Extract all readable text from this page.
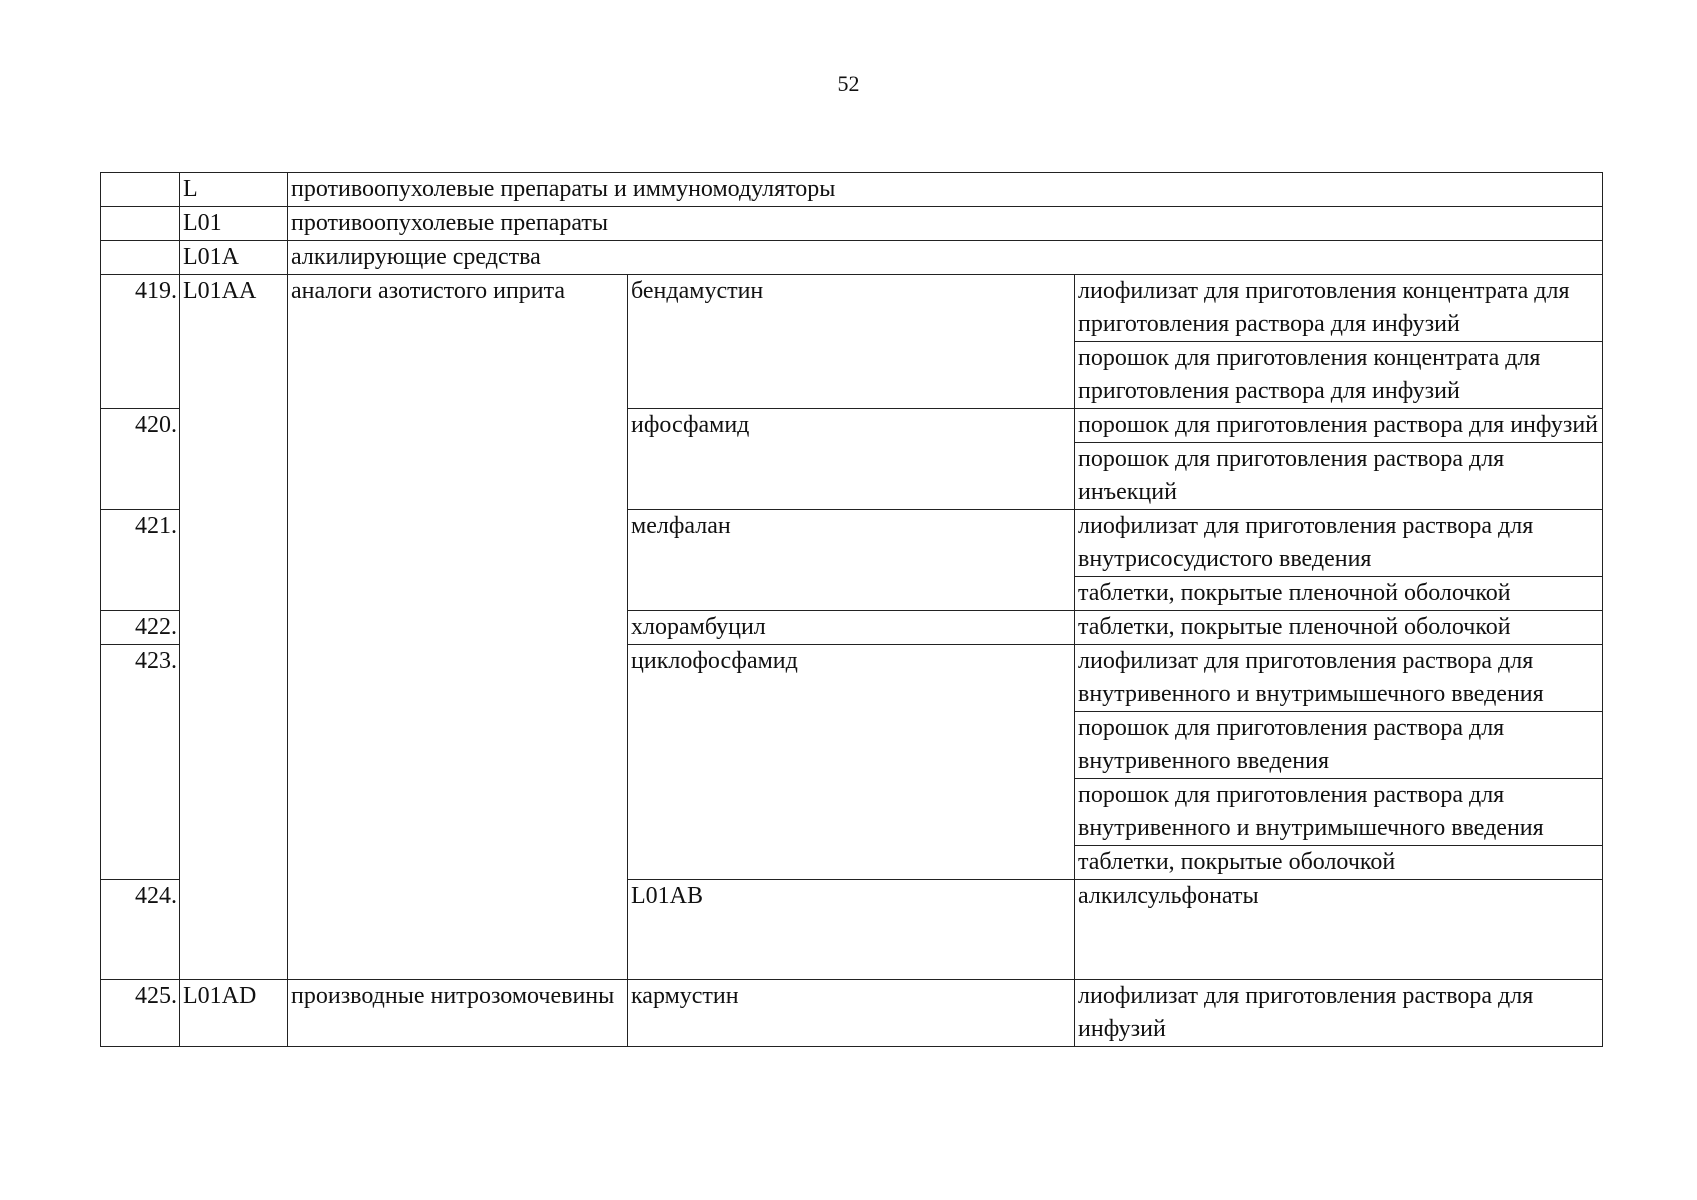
52
	L	противоопухолевые препараты и иммуномодуляторы			
	L01	противоопухолевые препараты			
	L01A	алкилирующие средства			
419.	L01AA	аналоги азотистого иприта	бендамустин	лиофилизат для приготовления концентрата для приготовления раствора для инфузий	
				порошок для приготовления концентрата для приготовления раствора для инфузий	
420.			ифосфамид	порошок для приготовления раствора для инфузий	
				порошок для приготовления раствора для инъекций	
421.			мелфалан	лиофилизат для приготовления раствора для внутрисосудистого введения	
				таблетки, покрытые пленочной оболочкой	
422.			хлорамбуцил	таблетки, покрытые пленочной оболочкой	
423.			циклофосфамид	лиофилизат для приготовления раствора для внутривенного и внутримышечного введения	
				порошок для приготовления раствора для внутривенного введения	
				порошок для приготовления раствора для внутривенного и внутримышечного введения	
				таблетки, покрытые оболочкой	
424.			L01AB	алкилсульфонаты		
425.	L01AD	производные нитрозомочевины	кармустин	лиофилизат для приготовления раствора для инфузий	
